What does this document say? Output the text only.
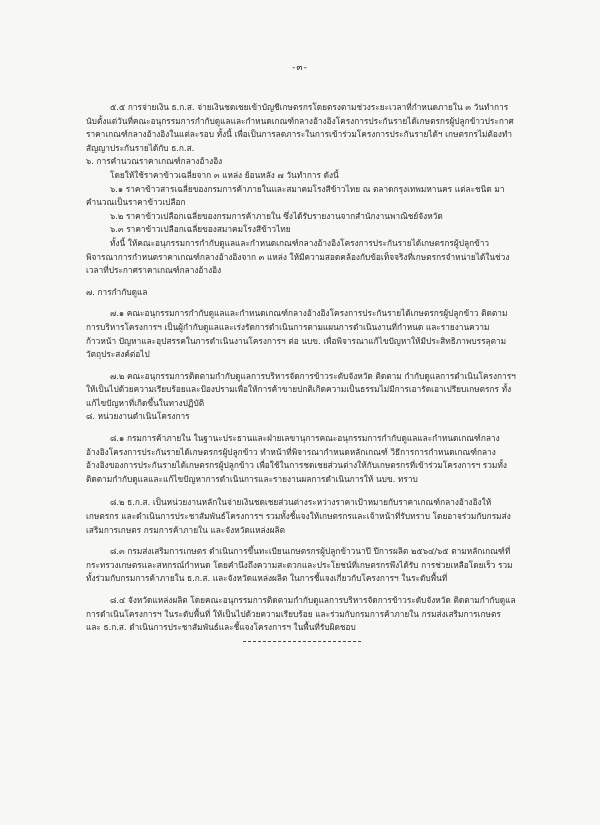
-๓-

๕.๕ การจ่ายเงิน ธ.ก.ส. จ่ายเงินชดเชยเข้าบัญชีเกษตรกรโดยตรงตามช่วงระยะเวลาที่กำหนดภายใน ๓ วันทำการ นับตั้งแต่วันที่คณะอนุกรรมการกำกับดูแลและกำหนดเกณฑ์กลางอ้างอิงโครงการประกันรายได้เกษตรกรผู้ปลูกข้าวประกาศราคาเกณฑ์กลางอ้างอิงในแต่ละรอบ ทั้งนี้ เพื่อเป็นการลดภาระในการเข้าร่วมโครงการประกันรายได้ฯ เกษตรกรไม่ต้องทำสัญญาประกันรายได้กับ ธ.ก.ส.

๖. การคำนวณราคาเกณฑ์กลางอ้างอิง

โดยให้ใช้ราคาข้าวเฉลี่ยจาก ๓ แหล่ง ย้อนหลัง ๗ วันทำการ ดังนี้

๖.๑ ราคาข้าวสารเฉลี่ยของกรมการค้าภายในและสมาคมโรงสีข้าวไทย ณ ตลาดกรุงเทพมหานคร แต่ละชนิด มาคำนวณเป็นราคาข้าวเปลือก

๖.๒ ราคาข้าวเปลือกเฉลี่ยของกรมการค้าภายใน ซึ่งได้รับรายงานจากสำนักงานพาณิชย์จังหวัด

๖.๓ ราคาข้าวเปลือกเฉลี่ยของสมาคมโรงสีข้าวไทย

ทั้งนี้ ให้คณะอนุกรรมการกำกับดูแลและกำหนดเกณฑ์กลางอ้างอิงโครงการประกันรายได้เกษตรกรผู้ปลูกข้าวพิจารณาการกำหนดราคาเกณฑ์กลางอ้างอิงจาก ๓ แหล่ง ให้มีความสอดคล้องกับข้อเท็จจริงที่เกษตรกรจำหน่ายได้ในช่วงเวลาที่ประกาศราคาเกณฑ์กลางอ้างอิง

๗. การกำกับดูแล

๗.๑ คณะอนุกรรมการกำกับดูแลและกำหนดเกณฑ์กลางอ้างอิงโครงการประกันรายได้เกษตรกรผู้ปลูกข้าว ติดตามการบริหารโครงการฯ เป็นผู้กำกับดูแลและเร่งรัดการดำเนินการตามแผนการดำเนินงานที่กำหนด และรายงานความก้าวหน้า ปัญหาและอุปสรรคในการดำเนินงานโครงการฯ ต่อ นบข. เพื่อพิจารณาแก้ไขปัญหาให้มีประสิทธิภาพบรรลุตามวัตถุประสงค์ต่อไป

๗.๒ คณะอนุกรรมการติดตามกำกับดูแลการบริหารจัดการข้าวระดับจังหวัด ติดตาม กำกับดูแลการดำเนินโครงการฯ ให้เป็นไปด้วยความเรียบร้อยและป้องปรามเพื่อให้การค้าขายปกติเกิดความเป็นธรรมไม่มีการเอารัดเอาเปรียบเกษตรกร ทั้งแก้ไขปัญหาที่เกิดขึ้นในทางปฏิบัติ

๘. หน่วยงานดำเนินโครงการ

๘.๑ กรมการค้าภายใน ในฐานะประธานและฝ่ายเลขานุการคณะอนุกรรมการกำกับดูแลและกำหนดเกณฑ์กลางอ้างอิงโครงการประกันรายได้เกษตรกรผู้ปลูกข้าว ทำหน้าที่พิจารณากำหนดหลักเกณฑ์ วิธีการการกำหนดเกณฑ์กลางอ้างอิงของการประกันรายได้เกษตรกรผู้ปลูกข้าว เพื่อใช้ในการชดเชยส่วนต่างให้กับเกษตรกรที่เข้าร่วมโครงการฯ รวมทั้งติดตามกำกับดูแลและแก้ไขปัญหาการดำเนินการและรายงานผลการดำเนินการให้ นบข. ทราบ

๘.๒ ธ.ก.ส. เป็นหน่วยงานหลักในจ่ายเงินชดเชยส่วนต่างระหว่างราคาเป้าหมายกับราคาเกณฑ์กลางอ้างอิงให้เกษตรกร และดำเนินการประชาสัมพันธ์โครงการฯ รวมทั้งชี้แจงให้เกษตรกรและเจ้าหน้าที่รับทราบ โดยอาจร่วมกับกรมส่งเสริมการเกษตร กรมการค้าภายใน และจังหวัดแหล่งผลิต

๘.๓ กรมส่งเสริมการเกษตร ดำเนินการขึ้นทะเบียนเกษตรกรผู้ปลูกข้าวนาปี ปีการผลิต ๒๕๖๔/๖๕ ตามหลักเกณฑ์ที่กระทรวงเกษตรและสหกรณ์กำหนด โดยคำนึงถึงความสะดวกและประโยชน์ที่เกษตรกรพึงได้รับ การช่วยเหลือโดยเร็ว รวมทั้งร่วมกับกรมการค้าภายใน ธ.ก.ส. และจังหวัดแหล่งผลิต ในการชี้แจงเกี่ยวกับโครงการฯ ในระดับพื้นที่

๘.๔ จังหวัดแหล่งผลิต โดยคณะอนุกรรมการติดตามกำกับดูแลการบริหารจัดการข้าวระดับจังหวัด ติดตามกำกับดูแลการดำเนินโครงการฯ ในระดับพื้นที่ ให้เป็นไปด้วยความเรียบร้อย และร่วมกับกรมการค้าภายใน กรมส่งเสริมการเกษตร และ ธ.ก.ส. ดำเนินการประชาสัมพันธ์และชี้แจงโครงการฯ ในพื้นที่รับผิดชอบ
